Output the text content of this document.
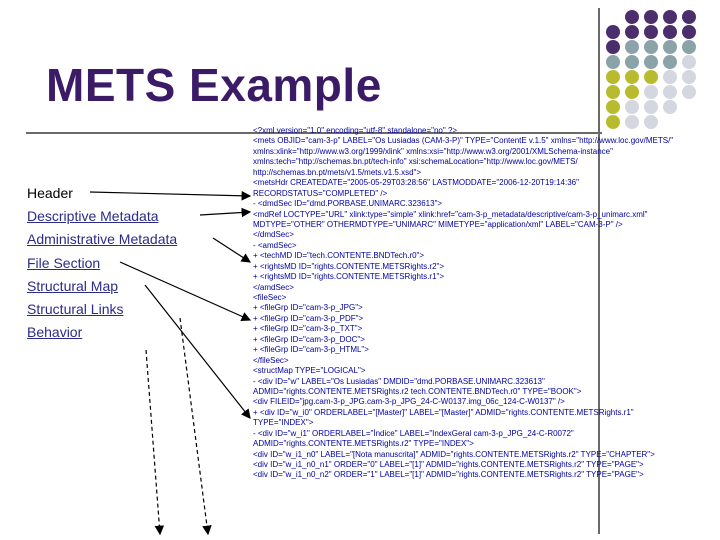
METS Example
Header
Descriptive Metadata
Administrative Metadata
File Section
Structural Map
Structural Links
Behavior
<?xml version="1.0" encoding="utf-8" standalone="no" ?>
<mets OBJID="cam-3-p" LABEL="Os Lusiadas (CAM-3-P)" TYPE="ContentE v.1.5" xmlns="http://www.loc.gov/METS/"
xmlns:xlink="http://www.w3.org/1999/xlink" xmlns:xsi="http://www.w3.org/2001/XMLSchema-instance"
xmlns:tech="http://schemas.bn.pt/tech-info" xsi:schemaLocation="http://www.loc.gov/METS/
http://schemas.bn.pt/mets/v1.5/mets.v1.5.xsd">
<metsHdr CREATEDATE="2005-05-29T03:28:56" LASTMODDATE="2006-12-20T19:14:36"
RECORDSTATUS="COMPLETED" />
- <dmdSec ID="dmd.PORBASE.UNIMARC.323613">
<mdRef LOCTYPE="URL" xlink:type="simple" xlink:href="cam-3-p_metadata/descriptive/cam-3-p_unimarc.xml"
MDTYPE="OTHER" OTHERMDTYPE="UNIMARC" MIMETYPE="application/xml" LABEL="CAM-3-P" />
</dmdSec>
- <amdSec>
+ <techMD ID="tech.CONTENTE.BNDTech.r0">
+ <rightsMD ID="rights.CONTENTE.METSRights.r2">
+ <rightsMD ID="rights.CONTENTE.METSRights.r1">
</amdSec>
<fileSec>
+ <fileGrp ID="cam-3-p_JPG">
+ <fileGrp ID="cam-3-p_PDF">
+ <fileGrp ID="cam-3-p_TXT">
+ <fileGrp ID="cam-3-p_DOC">
+ <fileGrp ID="cam-3-p_HTML">
</fileSec>
<structMap TYPE="LOGICAL">
- <div ID="w" LABEL="Os Lusiadas" DMDID="dmd.PORBASE.UNIMARC.323613"
ADMID="rights.CONTENTE.METSRights.r2 tech.CONTENTE.BNDTech.r0" TYPE="BOOK">
<div FILEID="jpg.cam-3-p_JPG.cam-3-p_JPG_24-C-W0137.img_06c_124-C-W0137" />
+ <div ID="w_i0" ORDERLABEL="[Master]" LABEL="[Master]" ADMID="rights.CONTENTE.METSRights.r1"
TYPE="INDEX">
- <div ID="w_i1" ORDERLABEL="Índice" LABEL="IndexGeral cam-3-p_JPG_24-C-R0072"
ADMID="rights.CONTENTE.METSRights.r2" TYPE="INDEX">
<div ID="w_i1_n0" LABEL="[Nota manuscrita]" ADMID="rights.CONTENTE.METSRights.r2" TYPE="CHAPTER">
<div ID="w_i1_n0_n1" ORDER="0" LABEL="[1]" ADMID="rights.CONTENTE.METSRights.r2" TYPE="PAGE">
<div ID="w_i1_n0_n2" ORDER="1" LABEL="[1]" ADMID="rights.CONTENTE.METSRights.r2" TYPE="PAGE">
